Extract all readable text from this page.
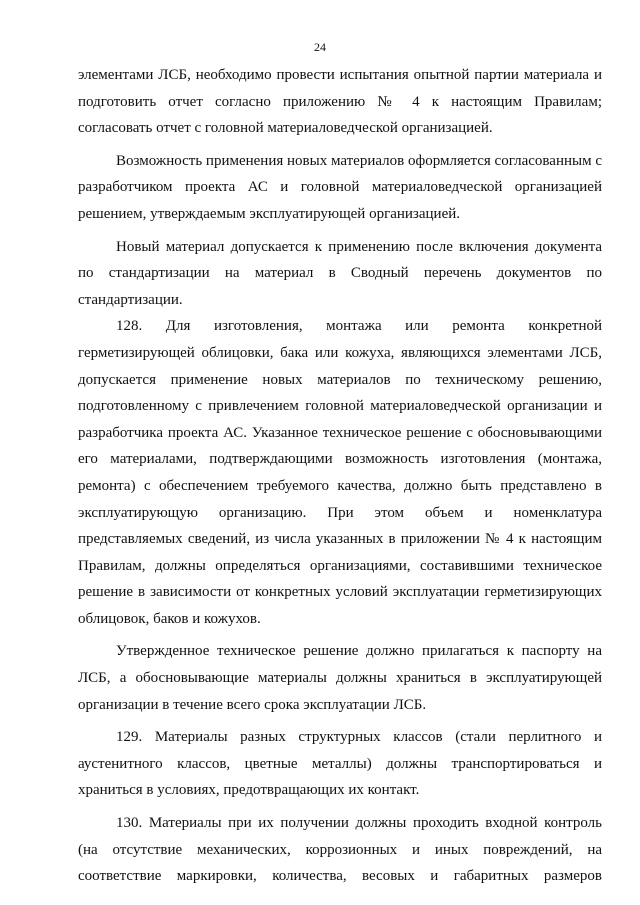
24

элементами ЛСБ, необходимо провести испытания опытной партии материала и подготовить отчет согласно приложению № 4 к настоящим Правилам; согласовать отчет с головной материаловедческой организацией.

Возможность применения новых материалов оформляется согласованным с разработчиком проекта АС и головной материаловедческой организацией решением, утверждаемым эксплуатирующей организацией.

Новый материал допускается к применению после включения документа по стандартизации на материал в Сводный перечень документов по стандартизации.

128. Для изготовления, монтажа или ремонта конкретной герметизирующей облицовки, бака или кожуха, являющихся элементами ЛСБ, допускается применение новых материалов по техническому решению, подготовленному с привлечением головной материаловедческой организации и разработчика проекта АС. Указанное техническое решение с обосновывающими его материалами, подтверждающими возможность изготовления (монтажа, ремонта) с обеспечением требуемого качества, должно быть представлено в эксплуатирующую организацию. При этом объем и номенклатура представляемых сведений, из числа указанных в приложении № 4 к настоящим Правилам, должны определяться организациями, составившими техническое решение в зависимости от конкретных условий эксплуатации герметизирующих облицовок, баков и кожухов.

Утвержденное техническое решение должно прилагаться к паспорту на ЛСБ, а обосновывающие материалы должны храниться в эксплуатирующей организации в течение всего срока эксплуатации ЛСБ.

129. Материалы разных структурных классов (стали перлитного и аустенитного классов, цветные металлы) должны транспортироваться и храниться в условиях, предотвращающих их контакт.

130. Материалы при их получении должны проходить входной контроль (на отсутствие механических, коррозионных и иных повреждений, на соответствие маркировки, количества, весовых и габаритных размеров
